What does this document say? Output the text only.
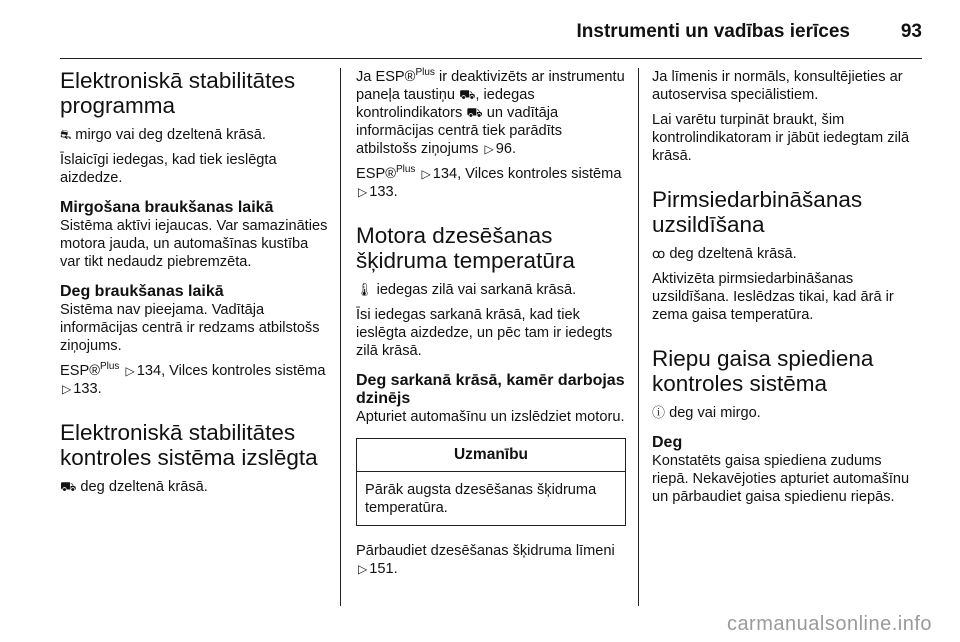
Instrumenti un vadības ierīces	93
Elektroniskā stabilitātes programma

⛐ mirgo vai deg dzeltenā krāsā.

Īslaicīgi iedegas, kad tiek ieslēgta aizdedze.

Mirgošana braukšanas laikā

Sistēma aktīvi iejaucas. Var samazināties motora jauda, un automašīnas kustība var tikt nedaudz piebremzēta.

Deg braukšanas laikā

Sistēma nav pieejama. Vadītāja informācijas centrā ir redzams atbilstošs ziņojums.

ESP®$^{Plus}$ ▷ 134, Vilces kontroles sistēma ▷ 133.

Elektroniskā stabilitātes kontroles sistēma izslēgta

⛟ deg dzeltenā krāsā.

Ja ESP®$^{Plus}$ ir deaktivizēts ar instrumentu paneļa taustiņu ⛟, iedegas kontrolindikators ⛟ un vadītāja informācijas centrā tiek parādīts atbilstošs ziņojums ▷ 96.

ESP®$^{Plus}$ ▷ 134, Vilces kontroles sistēma ▷ 133.

Motora dzesēšanas šķidruma temperatūra

🌡 iedegas zilā vai sarkanā krāsā.

Īsi iedegas sarkanā krāsā, kad tiek ieslēgta aizdedze, un pēc tam ir iedegts zilā krāsā.

Deg sarkanā krāsā, kamēr darbojas dzinējs

Apturiet automašīnu un izslēdziet motoru.

Uzmanību
Pārāk augsta dzesēšanas šķidruma temperatūra.

Pārbaudiet dzesēšanas šķidruma līmeni ▷ 151.

Ja līmenis ir normāls, konsultējieties ar autoservisa speciālistiem.

Lai varētu turpināt braukt, šim kontrolindikatoram ir jābūt iedegtam zilā krāsā.

Pirmsiedarbināšanas uzsildīšana

ꝏ deg dzeltenā krāsā.

Aktivizēta pirmsiedarbināšanas uzsildīšana. Ieslēdzas tikai, kad ārā ir zema gaisa temperatūra.

Riepu gaisa spiediena kontroles sistēma

ⓘ deg vai mirgo.

Deg

Konstatēts gaisa spiediena zudums riepā. Nekavējoties apturiet automašīnu un pārbaudiet gaisa spiedienu riepās.

carmanualsonline.info
